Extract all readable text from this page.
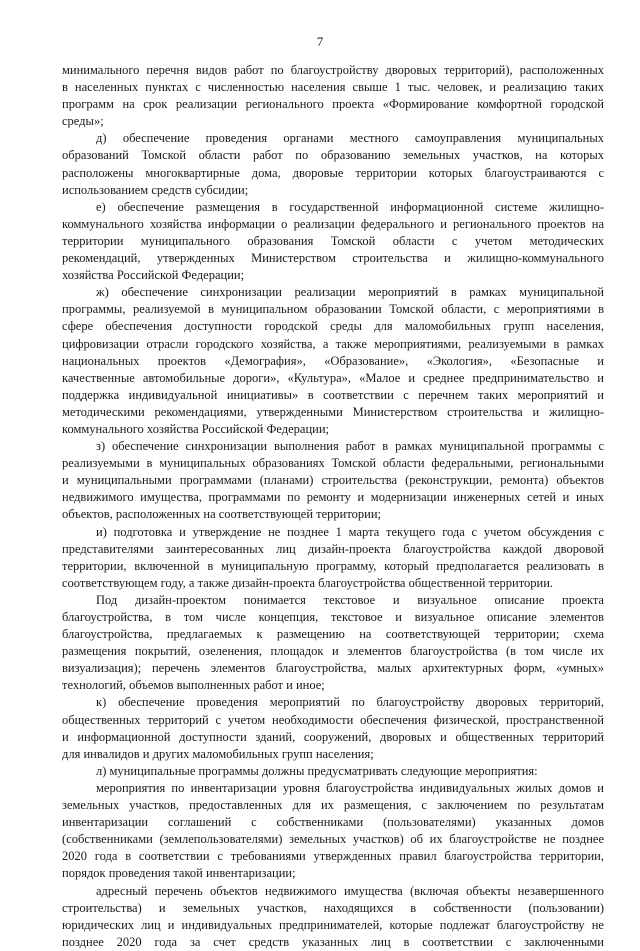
7
минимального перечня видов работ по благоустройству дворовых территорий), расположенных
в населенных пунктах с численностью населения свыше 1 тыс. человек, и реализацию таких
программ на срок реализации регионального проекта «Формирование комфортной городской
среды»;
д) обеспечение проведения органами местного самоуправления муниципальных
образований Томской области работ по образованию земельных участков, на которых
расположены многоквартирные дома, дворовые территории которых благоустраиваются с
использованием средств субсидии;
е) обеспечение размещения в государственной информационной системе жилищно-
коммунального хозяйства информации о реализации федерального и регионального проектов на
территории муниципального образования Томской области с учетом методических
рекомендаций, утвержденных Министерством строительства и жилищно-коммунального
хозяйства Российской Федерации;
ж) обеспечение синхронизации реализации мероприятий в рамках муниципальной
программы, реализуемой в муниципальном образовании Томской области, с мероприятиями в
сфере обеспечения доступности городской среды для маломобильных групп населения,
цифровизации отрасли городского хозяйства, а также мероприятиями, реализуемыми в рамках
национальных проектов «Демография», «Образование», «Экология», «Безопасные и
качественные автомобильные дороги», «Культура», «Малое и среднее предпринимательство и
поддержка индивидуальной инициативы» в соответствии с перечнем таких мероприятий и
методическими рекомендациями, утвержденными Министерством строительства и жилищно-
коммунального хозяйства Российской Федерации;
з) обеспечение синхронизации выполнения работ в рамках муниципальной программы с
реализуемыми в муниципальных образованиях Томской области федеральными, региональными
и муниципальными программами (планами) строительства (реконструкции, ремонта) объектов
недвижимого имущества, программами по ремонту и модернизации инженерных сетей и иных
объектов, расположенных на соответствующей территории;
и) подготовка и утверждение не позднее 1 марта текущего года с учетом обсуждения с
представителями заинтересованных лиц дизайн-проекта благоустройства каждой дворовой
территории, включенной в муниципальную программу, который предполагается реализовать в
соответствующем году, а также дизайн-проекта благоустройства общественной территории.
Под дизайн-проектом понимается текстовое и визуальное описание проекта
благоустройства, в том числе концепция, текстовое и визуальное описание элементов
благоустройства, предлагаемых к размещению на соответствующей территории; схема
размещения покрытий, озеленения, площадок и элементов благоустройства (в том числе их
визуализация); перечень элементов благоустройства, малых архитектурных форм, «умных»
технологий, объемов выполненных работ и иное;
к) обеспечение проведения мероприятий по благоустройству дворовых территорий,
общественных территорий с учетом необходимости обеспечения физической, пространственной
и информационной доступности зданий, сооружений, дворовых и общественных территорий
для инвалидов и других маломобильных групп населения;
л) муниципальные программы должны предусматривать следующие мероприятия:
мероприятия по инвентаризации уровня благоустройства индивидуальных жилых домов и
земельных участков, предоставленных для их размещения, с заключением по результатам
инвентаризации соглашений с собственниками (пользователями) указанных домов
(собственниками (землепользователями) земельных участков) об их благоустройстве не позднее
2020 года в соответствии с требованиями утвержденных правил благоустройства территории,
порядок проведения такой инвентаризации;
адресный перечень объектов недвижимого имущества (включая объекты незавершенного
строительства) и земельных участков, находящихся в собственности (пользовании)
юридических лиц и индивидуальных предпринимателей, которые подлежат благоустройству не
позднее 2020 года за счет средств указанных лиц в соответствии с заключенными
